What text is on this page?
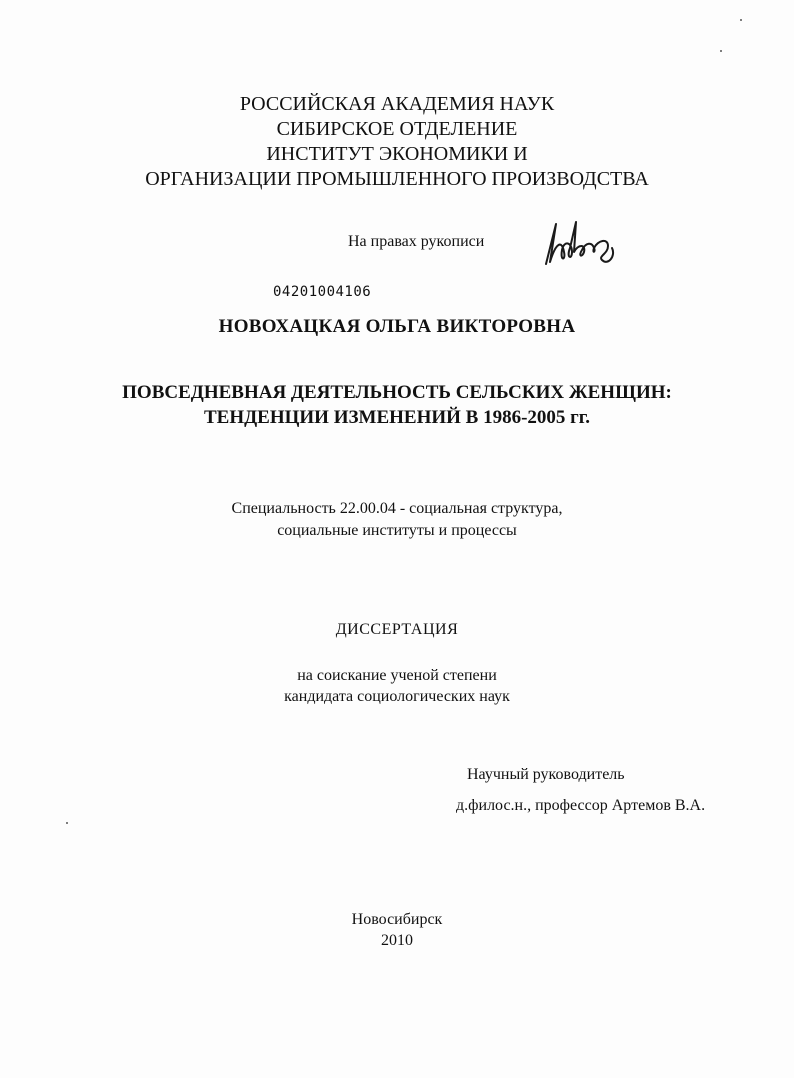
РОССИЙСКАЯ АКАДЕМИЯ НАУК
СИБИРСКОЕ ОТДЕЛЕНИЕ
ИНСТИТУТ ЭКОНОМИКИ И
ОРГАНИЗАЦИИ ПРОМЫШЛЕННОГО ПРОИЗВОДСТВА
На правах рукописи
04201004106
НОВОХАЦКАЯ ОЛЬГА ВИКТОРОВНА
ПОВСЕДНЕВНАЯ ДЕЯТЕЛЬНОСТЬ СЕЛЬСКИХ ЖЕНЩИН:
ТЕНДЕНЦИИ ИЗМЕНЕНИЙ В 1986-2005 гг.
Специальность 22.00.04 - социальная структура,
социальные институты и процессы
ДИССЕРТАЦИЯ
на соискание ученой степени
кандидата социологических наук
Научный руководитель
д.филос.н., профессор Артемов В.А.
Новосибирск
2010
